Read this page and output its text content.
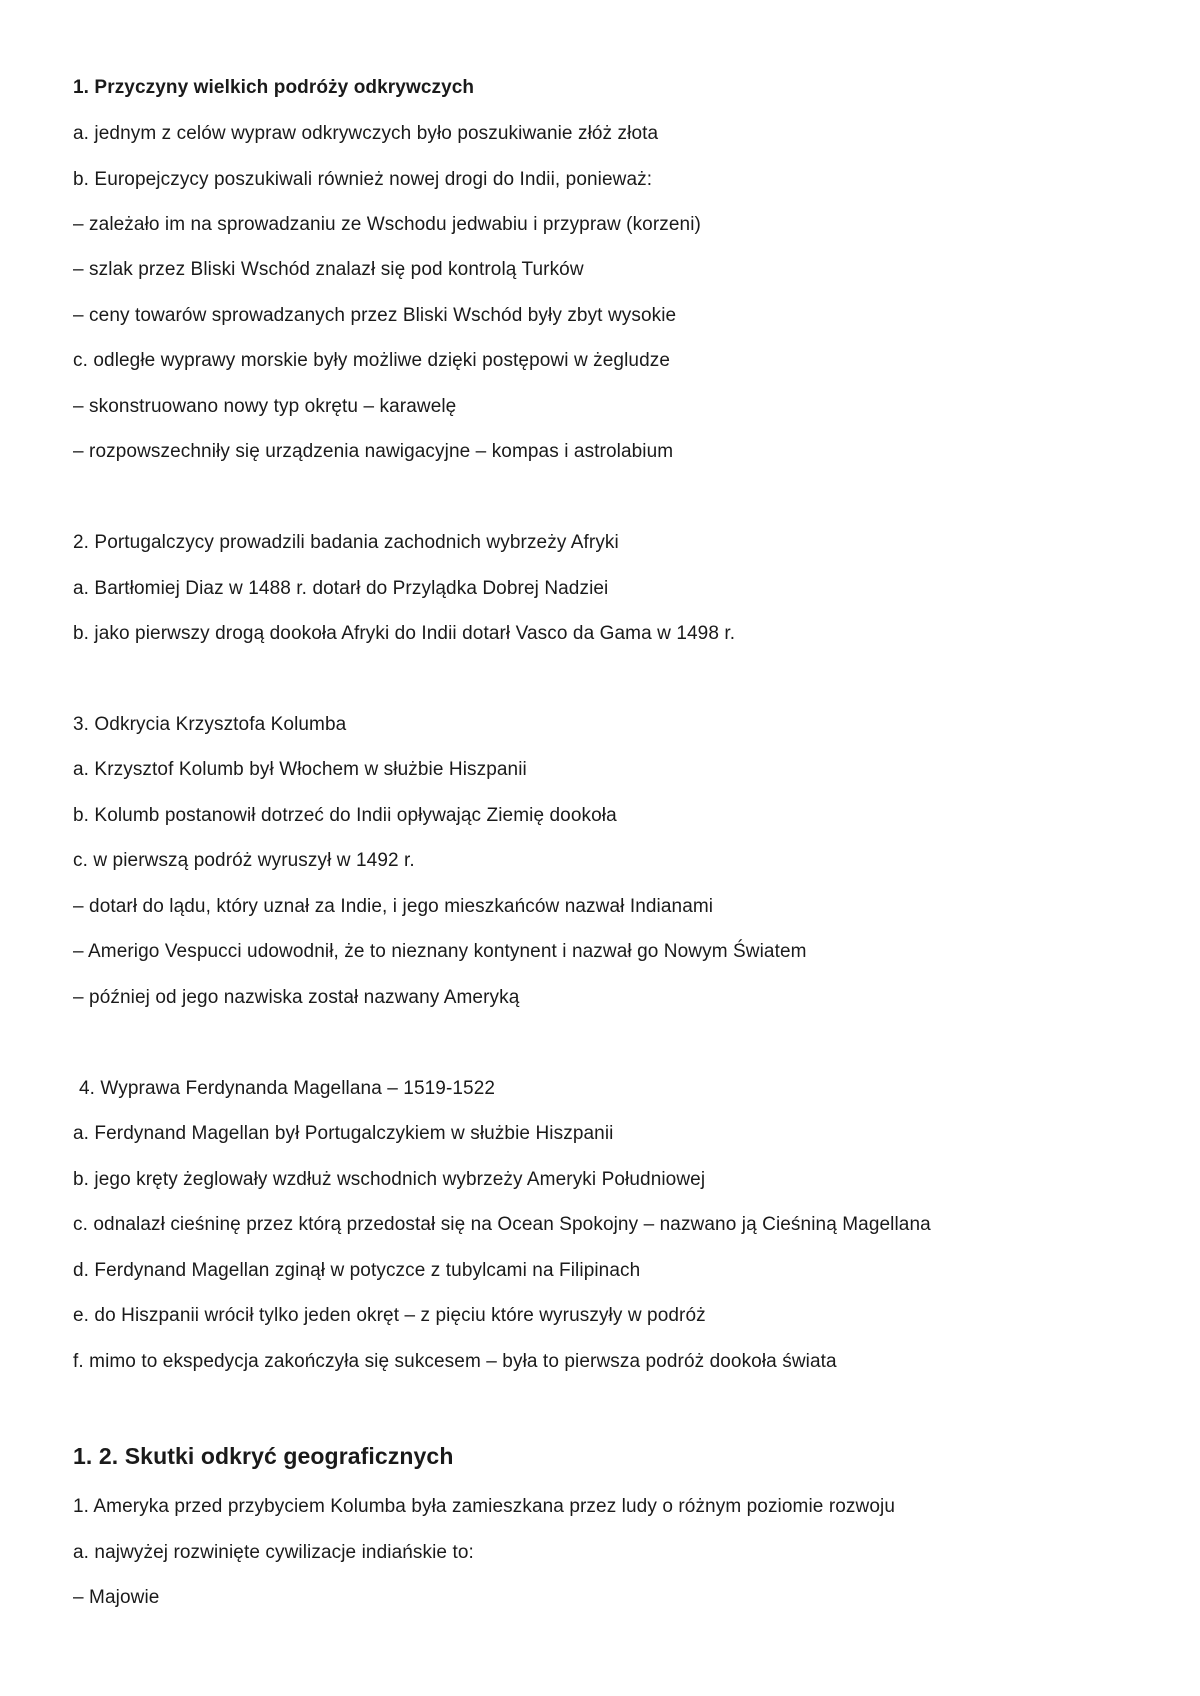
1. Przyczyny wielkich podróży odkrywczych
a. jednym z celów wypraw odkrywczych było poszukiwanie złóż złota
b. Europejczycy poszukiwali również nowej drogi do Indii, ponieważ:
– zależało im na sprowadzaniu ze Wschodu jedwabiu i przypraw (korzeni)
– szlak przez Bliski Wschód znalazł się pod kontrolą Turków
– ceny towarów sprowadzanych przez Bliski Wschód były zbyt wysokie
c. odległe wyprawy morskie były możliwe dzięki postępowi w żegludze
– skonstruowano nowy typ okrętu – karawelę
– rozpowszechniły się urządzenia nawigacyjne – kompas i astrolabium
2. Portugalczycy prowadzili badania zachodnich wybrzeży Afryki
a. Bartłomiej Diaz w 1488 r. dotarł do Przylądka Dobrej Nadziei
b. jako pierwszy drogą dookoła Afryki do Indii dotarł Vasco da Gama w 1498 r.
3. Odkrycia Krzysztofa Kolumba
a. Krzysztof Kolumb był Włochem w służbie Hiszpanii
b. Kolumb postanowił dotrzeć do Indii opływając Ziemię dookoła
c. w pierwszą podróż wyruszył w 1492 r.
– dotarł do lądu, który uznał za Indie, i jego mieszkańców nazwał Indianami
– Amerigo Vespucci udowodnił, że to nieznany kontynent i nazwał go Nowym Światem
– później od jego nazwiska został nazwany Ameryką
4. Wyprawa Ferdynanda Magellana – 1519-1522
a. Ferdynand Magellan był Portugalczykiem w służbie Hiszpanii
b. jego kręty żeglowały wzdłuż wschodnich wybrzeży Ameryki Południowej
c. odnalazł cieśninę przez którą przedostał się na Ocean Spokojny – nazwano ją Cieśniną Magellana
d. Ferdynand Magellan zginął w potyczce z tubylcami na Filipinach
e. do Hiszpanii wrócił tylko jeden okręt – z pięciu które wyruszyły w podróż
f. mimo to ekspedycja zakończyła się sukcesem – była to pierwsza podróż dookoła świata
1. 2. Skutki odkryć geograficznych
1. Ameryka przed przybyciem Kolumba była zamieszkana przez ludy o różnym poziomie rozwoju
a. najwyżej rozwinięte cywilizacje indiańskie to:
– Majowie
